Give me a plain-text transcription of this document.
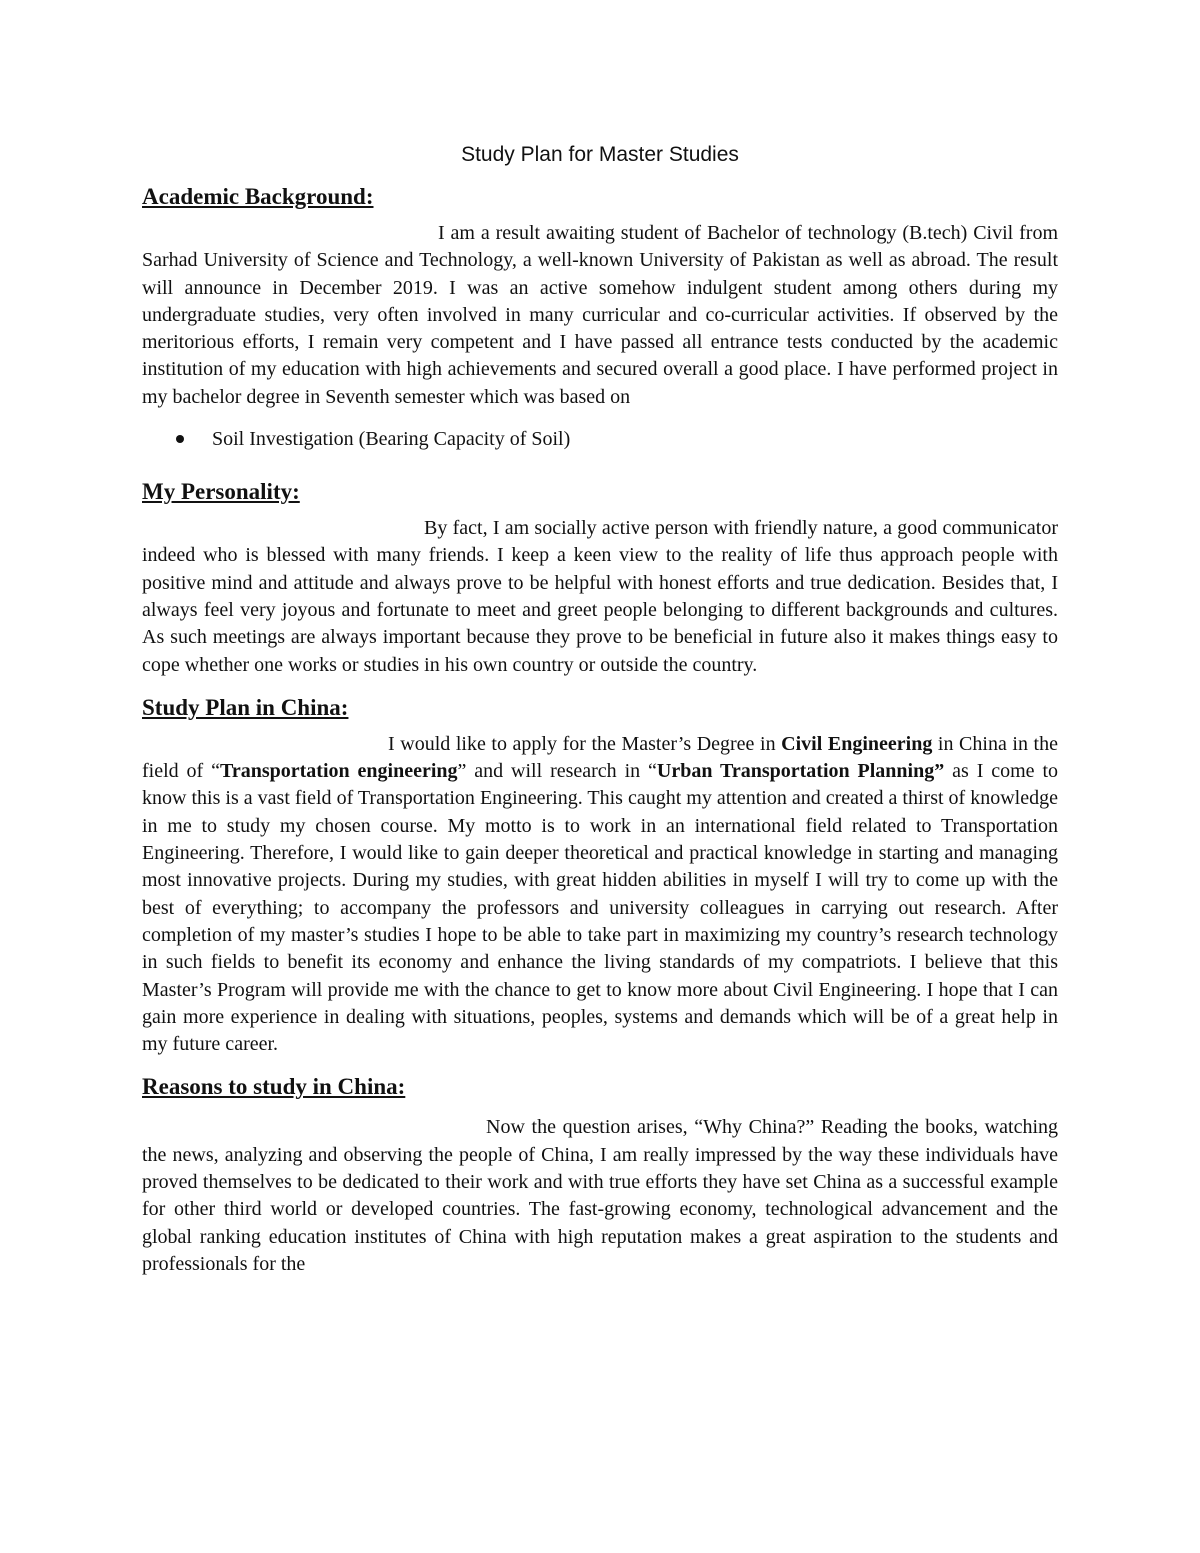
Study Plan for Master Studies
Academic Background:

I am a result awaiting student of Bachelor of technology (B.tech) Civil from Sarhad University of Science and Technology, a well-known University of Pakistan as well as abroad. The result will announce in December 2019. I was an active somehow indulgent student among others during my undergraduate studies, very often involved in many curricular and co-curricular activities. If observed by the meritorious efforts, I remain very competent and I have passed all entrance tests conducted by the academic institution of my education with high achievements and secured overall a good place. I have performed project in my bachelor degree in Seventh semester which was based on

Soil Investigation (Bearing Capacity of Soil)
My Personality:

By fact, I am socially active person with friendly nature, a good communicator indeed who is blessed with many friends. I keep a keen view to the reality of life thus approach people with positive mind and attitude and always prove to be helpful with honest efforts and true dedication. Besides that, I always feel very joyous and fortunate to meet and greet people belonging to different backgrounds and cultures. As such meetings are always important because they prove to be beneficial in future also it makes things easy to cope whether one works or studies in his own country or outside the country.

Study Plan in China:

I would like to apply for the Master’s Degree in Civil Engineering in China in the field of “Transportation engineering” and will research in “Urban Transportation Planning” as I come to know this is a vast field of Transportation Engineering. This caught my attention and created a thirst of knowledge in me to study my chosen course. My motto is to work in an international field related to Transportation Engineering. Therefore, I would like to gain deeper theoretical and practical knowledge in starting and managing most innovative projects. During my studies, with great hidden abilities in myself I will try to come up with the best of everything; to accompany the professors and university colleagues in carrying out research. After completion of my master’s studies I hope to be able to take part in maximizing my country’s research technology in such fields to benefit its economy and enhance the living standards of my compatriots. I believe that this Master’s Program will provide me with the chance to get to know more about Civil Engineering. I hope that I can gain more experience in dealing with situations, peoples, systems and demands which will be of a great help in my future career.

Reasons to study in China:

Now the question arises, “Why China?” Reading the books, watching the news, analyzing and observing the people of China, I am really impressed by the way these individuals have proved themselves to be dedicated to their work and with true efforts they have set China as a successful example for other third world or developed countries. The fast-growing economy, technological advancement and the global ranking education institutes of China with high reputation makes a great aspiration to the students and professionals for the
